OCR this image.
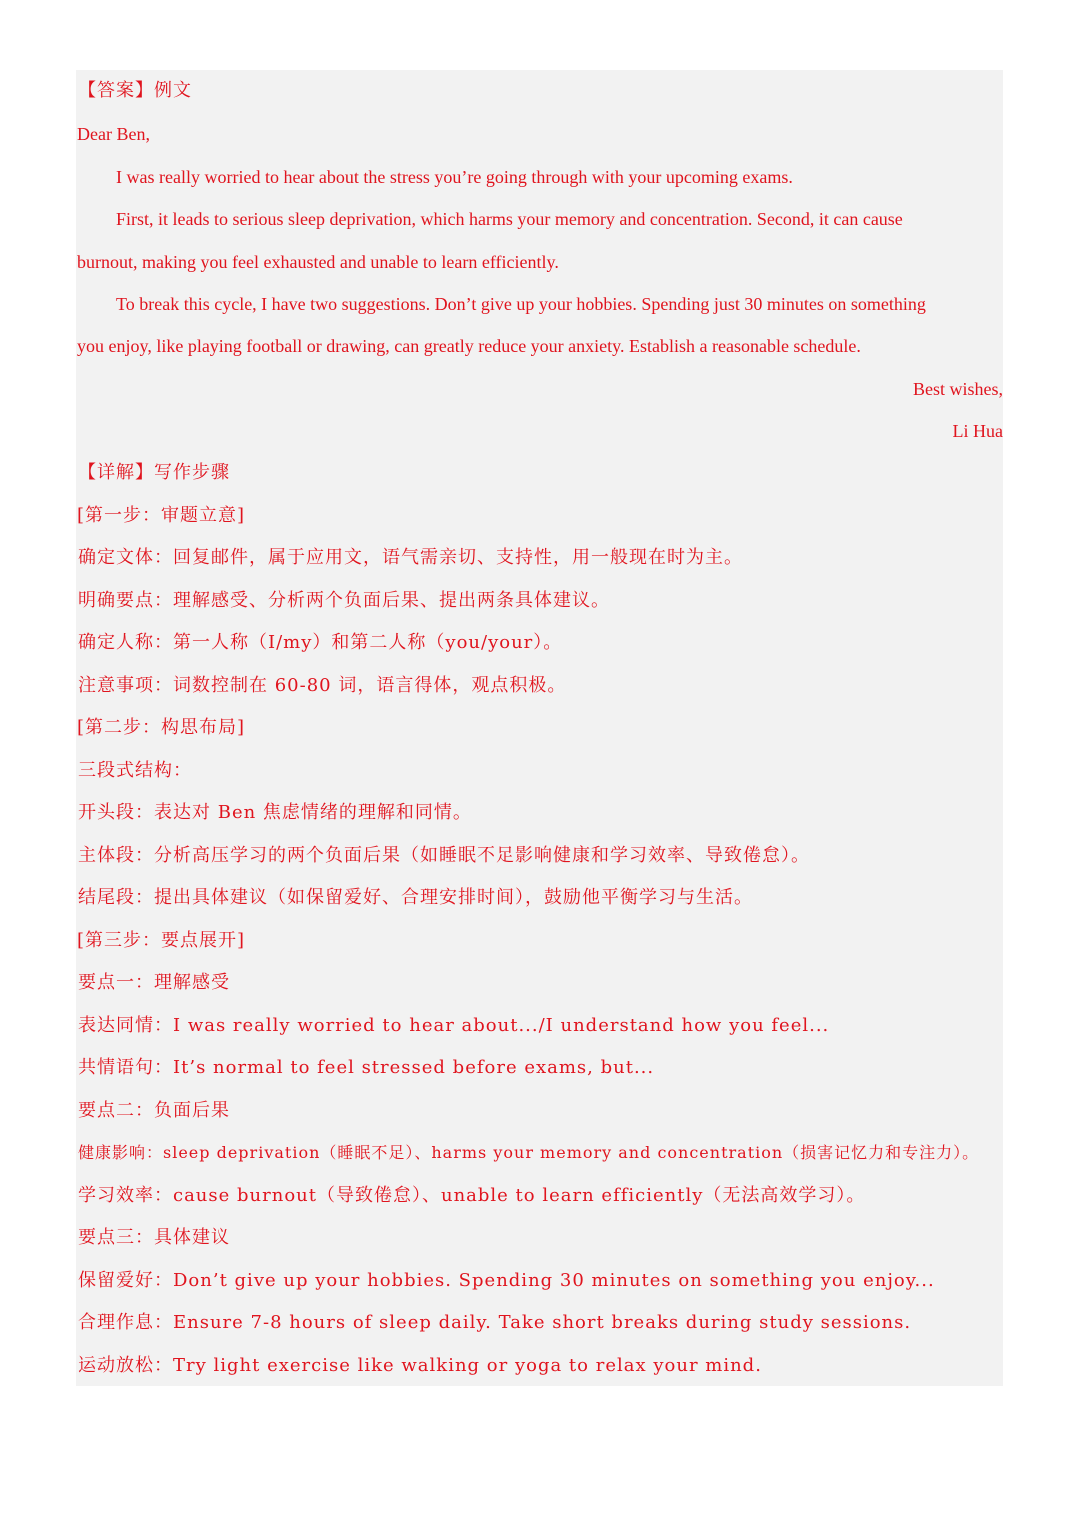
【答案】例文
Dear Ben,
I was really worried to hear about the stress you’re going through with your upcoming exams.
First, it leads to serious sleep deprivation, which harms your memory and concentration. Second, it can cause
burnout, making you feel exhausted and unable to learn efficiently.
To break this cycle, I have two suggestions. Don’t give up your hobbies. Spending just 30 minutes on something
you enjoy, like playing football or drawing, can greatly reduce your anxiety. Establish a reasonable schedule.
Best wishes,
Li Hua
【详解】写作步骤
[第一步：审题立意]
确定文体：回复邮件，属于应用文，语气需亲切、支持性，用一般现在时为主。
明确要点：理解感受、分析两个负面后果、提出两条具体建议。
确定人称：第一人称（I/my）和第二人称（you/your）。
注意事项：词数控制在 60-80 词，语言得体，观点积极。
[第二步：构思布局]
三段式结构：
开头段：表达对 Ben 焦虑情绪的理解和同情。
主体段：分析高压学习的两个负面后果（如睡眠不足影响健康和学习效率、导致倦怠）。
结尾段：提出具体建议（如保留爱好、合理安排时间），鼓励他平衡学习与生活。
[第三步：要点展开]
要点一：理解感受
表达同情：I was really worried to hear about.../I understand how you feel...
共情语句：It’s normal to feel stressed before exams, but...
要点二：负面后果
健康影响：sleep deprivation（睡眠不足）、harms your memory and concentration（损害记忆力和专注力）。
学习效率：cause burnout（导致倦怠）、unable to learn efficiently（无法高效学习）。
要点三：具体建议
保留爱好：Don’t give up your hobbies. Spending 30 minutes on something you enjoy...
合理作息：Ensure 7-8 hours of sleep daily. Take short breaks during study sessions.
运动放松：Try light exercise like walking or yoga to relax your mind.
